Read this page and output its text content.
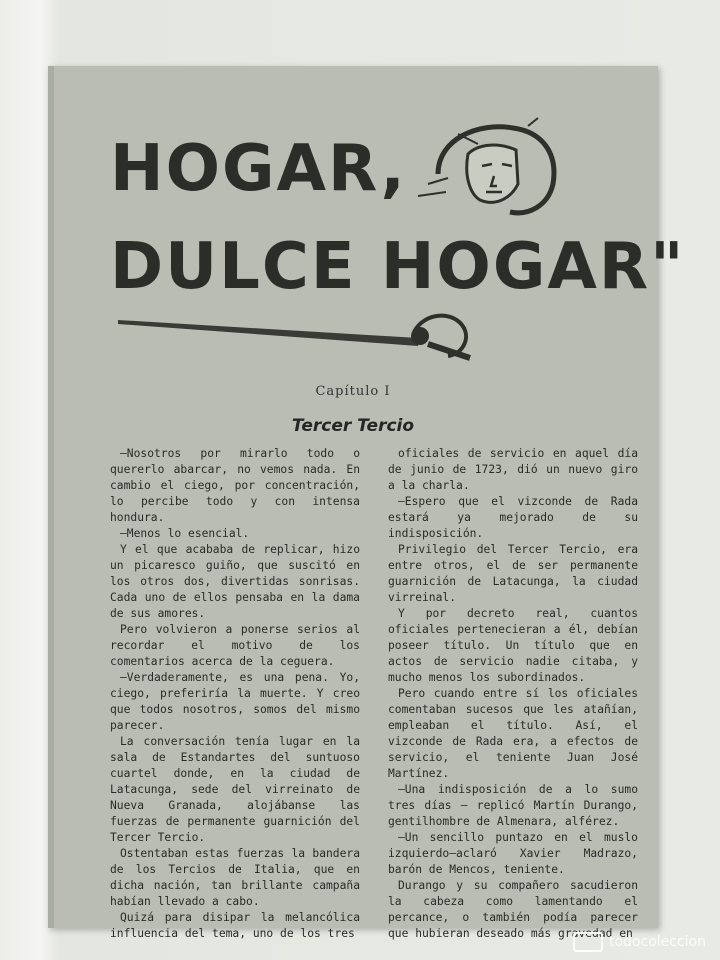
HOGAR,
DULCE HOGAR"
Capítulo I
Tercer Tercio

—Nosotros por mirarlo todo o quererlo abarcar, no vemos nada. En cambio el ciego, por concentración, lo percibe todo y con intensa hondura.

—Menos lo esencial.

Y el que acababa de replicar, hizo un picaresco guiño, que suscitó en los otros dos, divertidas sonrisas. Cada uno de ellos pensaba en la dama de sus amores.

Pero volvieron a ponerse serios al recordar el motivo de los comentarios acerca de la ceguera.

—Verdaderamente, es una pena. Yo, ciego, preferiría la muerte. Y creo que todos nosotros, somos del mismo parecer.

La conversación tenía lugar en la sala de Estandartes del suntuoso cuartel donde, en la ciudad de Latacunga, sede del virreinato de Nueva Granada, alojábanse las fuerzas de permanente guarnición del Tercer Tercio.

Ostentaban estas fuerzas la bandera de los Tercios de Italia, que en dicha nación, tan brillante campaña habían llevado a cabo.

Quizá para disipar la melancólica influencia del tema, uno de los tres

oficiales de servicio en aquel día de junio de 1723, dió un nuevo giro a la charla.

—Espero que el vizconde de Rada estará ya mejorado de su indisposición.

Privilegio del Tercer Tercio, era entre otros, el de ser permanente guarnición de Latacunga, la ciudad virreinal.

Y por decreto real, cuantos oficiales pertenecieran a él, debían poseer título. Un título que en actos de servicio nadie citaba, y mucho menos los subordinados.

Pero cuando entre sí los oficiales comentaban sucesos que les atañían, empleaban el título. Así, el vizconde de Rada era, a efectos de servicio, el teniente Juan José Martínez.

—Una indisposición de a lo sumo tres días — replicó Martín Durango, gentilhombre de Almenara, alférez.

—Un sencillo puntazo en el muslo izquierdo—aclaró Xavier Madrazo, barón de Mencos, teniente.

Durango y su compañero sacudieron la cabeza como lamentando el percance, o también podía parecer que hubieran deseado más gravedad en

todocoleccion
